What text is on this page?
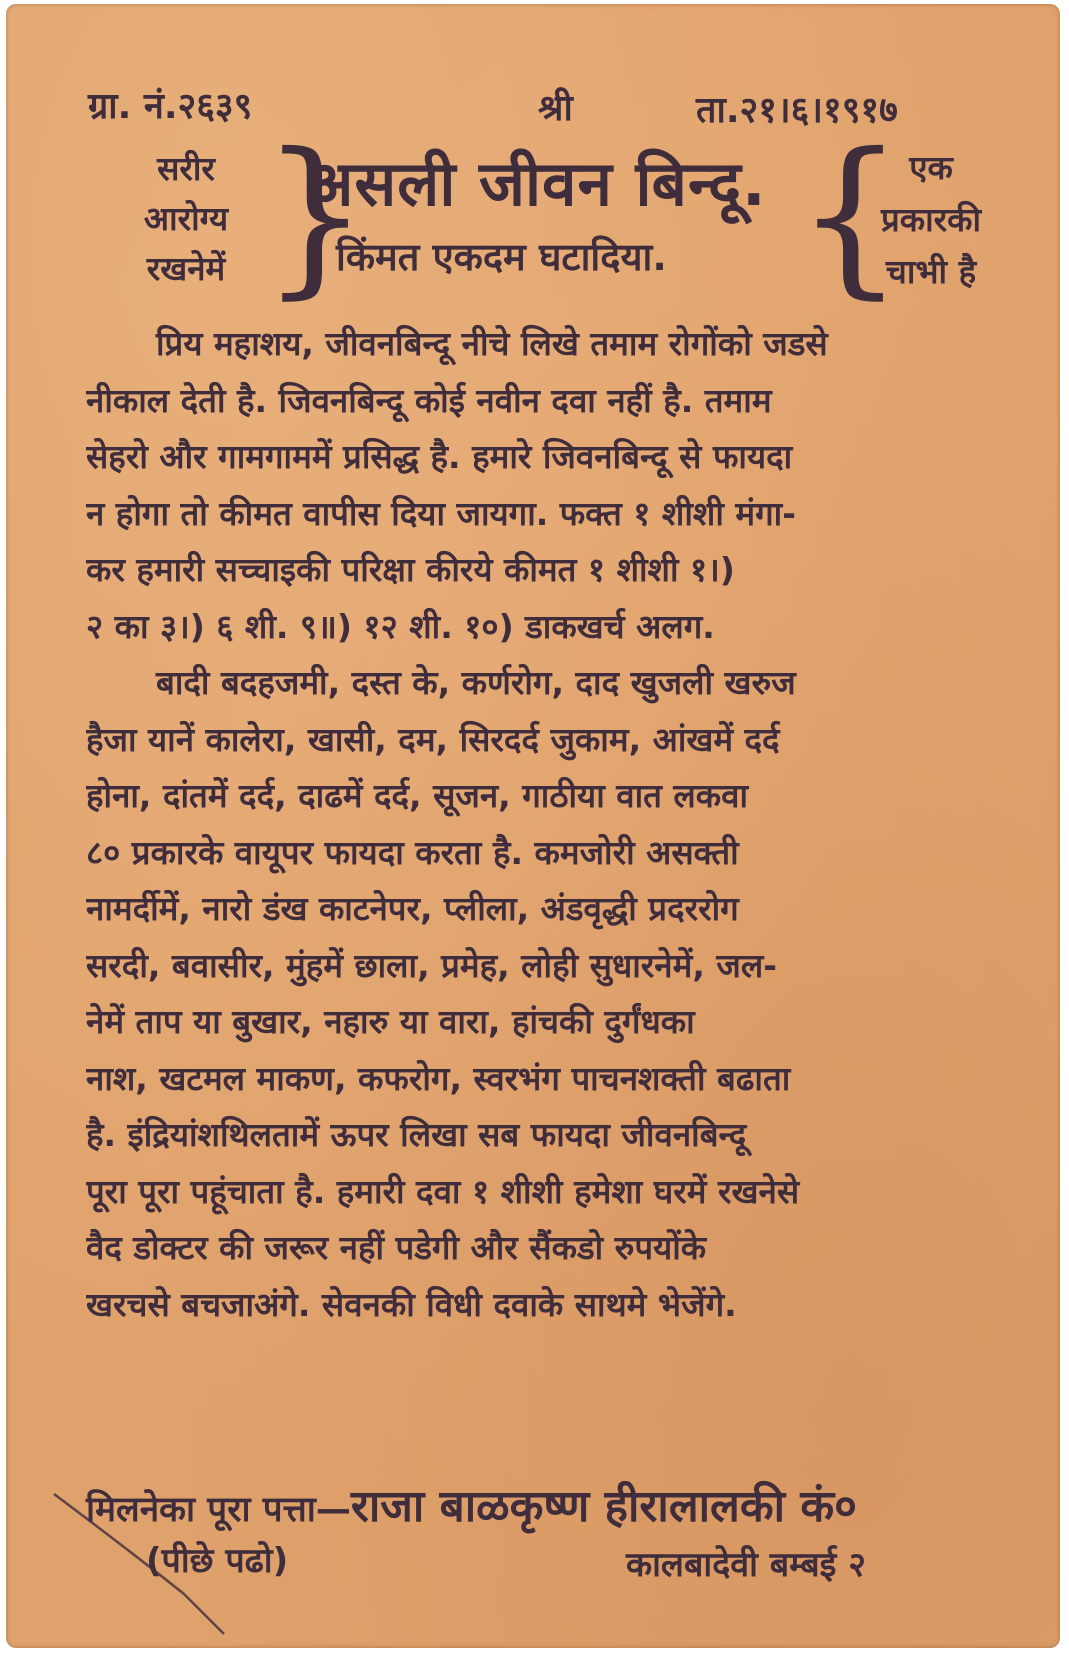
ग्रा. नं.२६३९	श्री	ता.२१।६।१९१७
सरीर
आरोग्य
रखनेमें }
असली जीवन बिन्दू.
किंमत एकदम घटादिया. { एक
प्रकारकी
चाभी है
प्रिय महाशय, जीवनबिन्दू नीचे लिखे तमाम रोगोंको जडसे
नीकाल देती है. जिवनबिन्दू कोई नवीन दवा नहीं है. तमाम
सेहरो और गामगाममें प्रसिद्ध है. हमारे जिवनबिन्दू से फायदा
न होगा तो कीमत वापीस दिया जायगा. फक्त १ शीशी मंगा-
कर हमारी सच्चाइकी परिक्षा कीरये कीमत १ शीशी १।)
२ का ३।) ६ शी. ९॥) १२ शी. १०) डाकखर्च अलग.
बादी बदहजमी, दस्त के, कर्णरोग, दाद खुजली खरुज
हैजा यानें कालेरा, खासी, दम, सिरदर्द जुकाम, आंखमें दर्द
होना, दांतमें दर्द, दाढमें दर्द, सूजन, गाठीया वात लकवा
८० प्रकारके वायूपर फायदा करता है. कमजोरी असक्ती
नामर्दीमें, नारो डंख काटनेपर, प्लीला, अंडवृद्धी प्रदररोग
सरदी, बवासीर, मुंहमें छाला, प्रमेह, लोही सुधारनेमें, जल-
नेमें ताप या बुखार, नहारु या वारा, हांचकी दुर्गंधका
नाश, खटमल माकण, कफरोग, स्वरभंग पाचनशक्ती बढाता
है. इंद्रियांशथिलतामें ऊपर लिखा सब फायदा जीवनबिन्दू
पूरा पूरा पहूंचाता है. हमारी दवा १ शीशी हमेशा घरमें रखनेसे
वैद डोक्टर की जरूर नहीं पडेगी और सैंकडो रुपयोंके
खरचसे बचजाअंगे. सेवनकी विधी दवाके साथमे भेजेंगे.
मिलनेका पूरा पत्ता—राजा बाळकृष्ण हीरालालकी कं०
(पीछे पढो)	कालबादेवी बम्बई २
